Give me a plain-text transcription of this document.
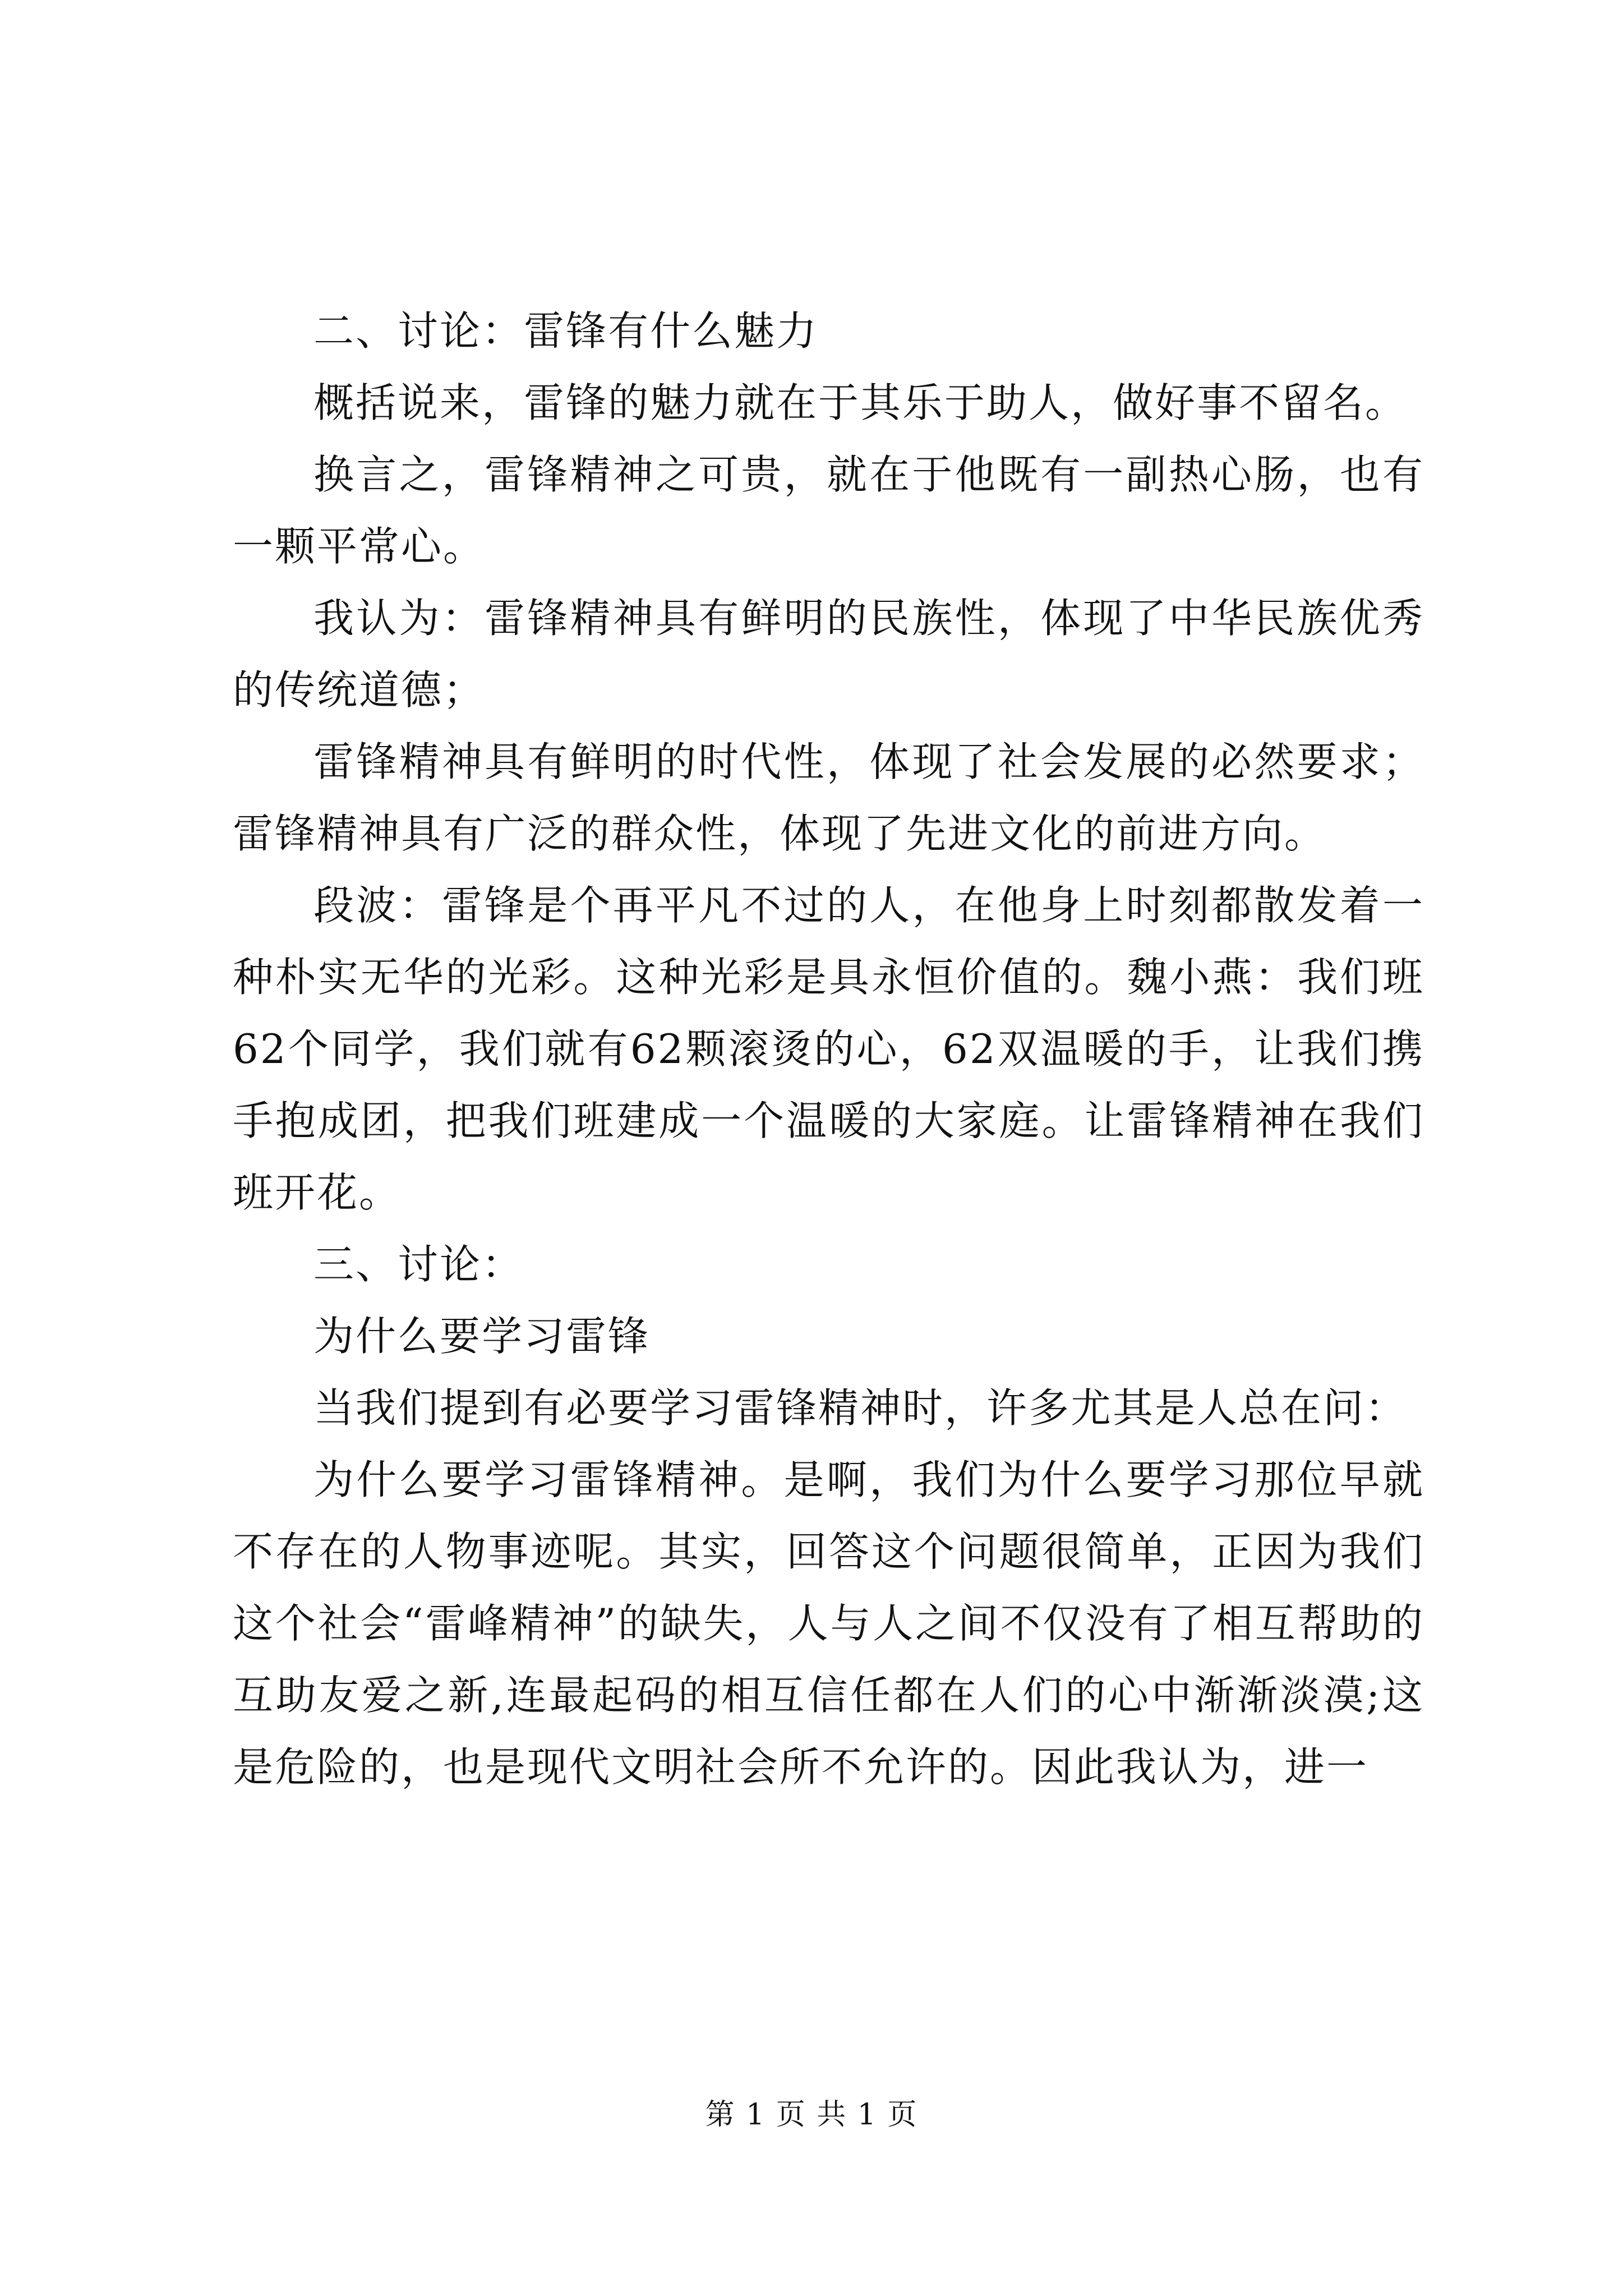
二、讨论：雷锋有什么魅力

概括说来，雷锋的魅力就在于其乐于助人，做好事不留名。

换言之，雷锋精神之可贵，就在于他既有一副热心肠，也有一颗平常心。

我认为：雷锋精神具有鲜明的民族性，体现了中华民族优秀的传统道德；

雷锋精神具有鲜明的时代性，体现了社会发展的必然要求；雷锋精神具有广泛的群众性，体现了先进文化的前进方向。

段波：雷锋是个再平凡不过的人，在他身上时刻都散发着一种朴实无华的光彩。这种光彩是具永恒价值的。魏小燕：我们班62个同学，我们就有62颗滚烫的心，62双温暖的手，让我们携手抱成团，把我们班建成一个温暖的大家庭。让雷锋精神在我们班开花。

三、讨论：

为什么要学习雷锋

当我们提到有必要学习雷锋精神时，许多尤其是人总在问：

为什么要学习雷锋精神。是啊，我们为什么要学习那位早就不存在的人物事迹呢。其实，回答这个问题很简单，正因为我们这个社会“雷峰精神”的缺失，人与人之间不仅没有了相互帮助的互助友爱之新,连最起码的相互信任都在人们的心中渐渐淡漠;这是危险的，也是现代文明社会所不允许的。因此我认为，进一

第 1 页 共 1 页
